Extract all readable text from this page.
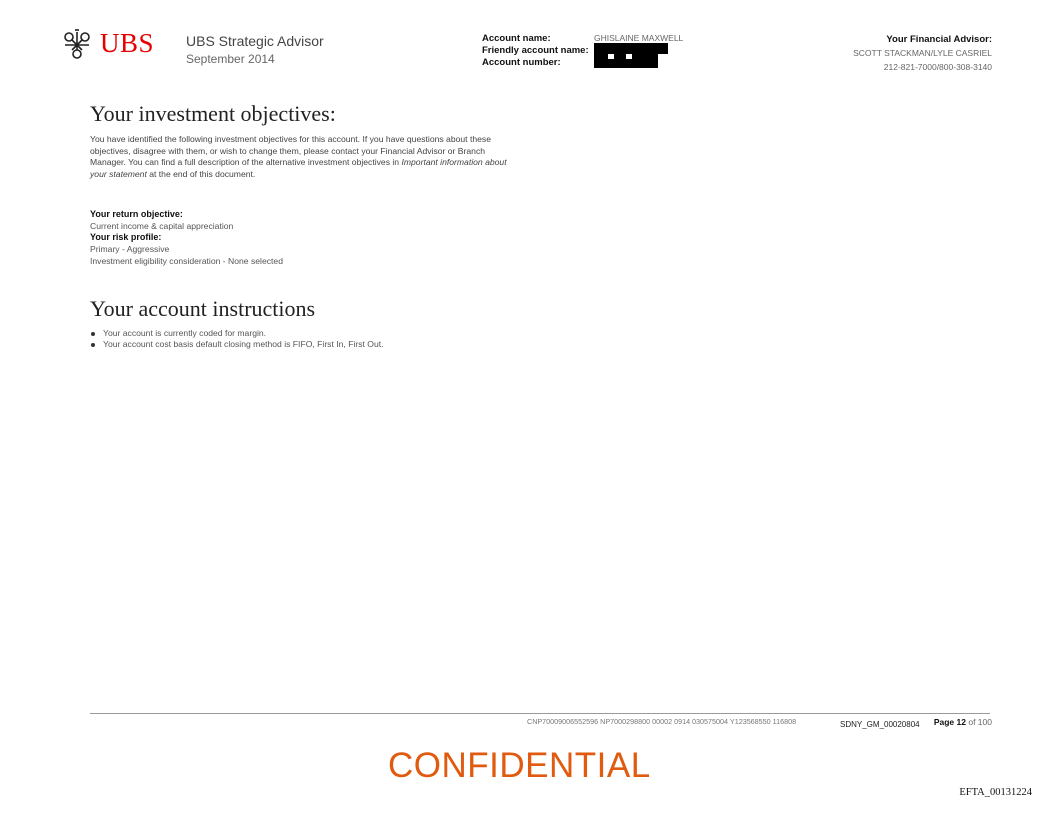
UBS UBS Strategic Advisor
September 2014
Account name:	GHISLAINE MAXWELL
Friendly account name:
Account number:
Your Financial Advisor:
SCOTT STACKMAN/LYLE CASRIEL
212-821-7000/800-308-3140
Your investment objectives:
You have identified the following investment objectives for this account. If you have questions about these objectives, disagree with them, or wish to change them, please contact your Financial Advisor or Branch Manager. You can find a full description of the alternative investment objectives in Important information about your statement at the end of this document.
Your return objective:
Current income & capital appreciation
Your risk profile:
Primary - Aggressive
Investment eligibility consideration - None selected
Your account instructions
Your account is currently coded for margin.
Your account cost basis default closing method is FIFO, First In, First Out.
CNP70009006552596 NP7000298800 00002 0914 030575004 Y123568550 116808	SDNY_GM_00020804 Page 12 of 100
CONFIDENTIAL
EFTA_00131224
